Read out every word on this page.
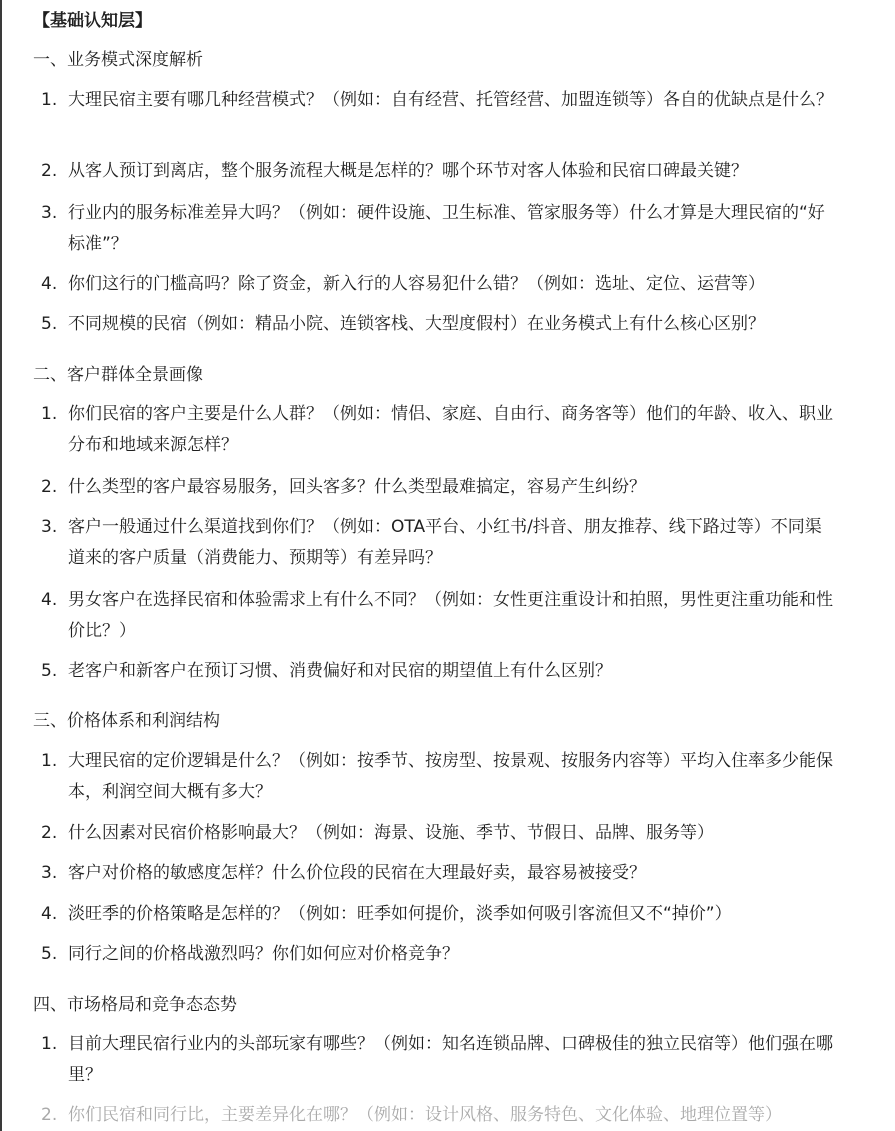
【基础认知层】
一、业务模式深度解析
1. 大理民宿主要有哪几种经营模式？（例如：自有经营、托管经营、加盟连锁等）各自的优缺点是什么？
2. 从客人预订到离店，整个服务流程大概是怎样的？哪个环节对客人体验和民宿口碑最关键？
3. 行业内的服务标准差异大吗？（例如：硬件设施、卫生标准、管家服务等）什么才算是大理民宿的“好标准”？
4. 你们这行的门槛高吗？除了资金，新入行的人容易犯什么错？（例如：选址、定位、运营等）
5. 不同规模的民宿（例如：精品小院、连锁客栈、大型度假村）在业务模式上有什么核心区别？
二、客户群体全景画像
1. 你们民宿的客户主要是什么人群？（例如：情侣、家庭、自由行、商务客等）他们的年龄、收入、职业分布和地域来源怎样？
2. 什么类型的客户最容易服务，回头客多？什么类型最难搞定，容易产生纠纷？
3. 客户一般通过什么渠道找到你们？（例如：OTA平台、小红书/抖音、朋友推荐、线下路过等）不同渠道来的客户质量（消费能力、预期等）有差异吗？
4. 男女客户在选择民宿和体验需求上有什么不同？（例如：女性更注重设计和拍照，男性更注重功能和性价比？）
5. 老客户和新客户在预订习惯、消费偏好和对民宿的期望值上有什么区别？
三、价格体系和利润结构
1. 大理民宿的定价逻辑是什么？（例如：按季节、按房型、按景观、按服务内容等）平均入住率多少能保本，利润空间大概有多大？
2. 什么因素对民宿价格影响最大？（例如：海景、设施、季节、节假日、品牌、服务等）
3. 客户对价格的敏感度怎样？什么价位段的民宿在大理最好卖，最容易被接受？
4. 淡旺季的价格策略是怎样的？（例如：旺季如何提价，淡季如何吸引客流但又不“掉价”）
5. 同行之间的价格战激烈吗？你们如何应对价格竞争？
四、市场格局和竞争态态势
1. 目前大理民宿行业内的头部玩家有哪些？（例如：知名连锁品牌、口碑极佳的独立民宿等）他们强在哪里？
2. 你们民宿和同行比，主要差异化在哪？（例如：设计风格、服务特色、文化体验、地理位置等）
